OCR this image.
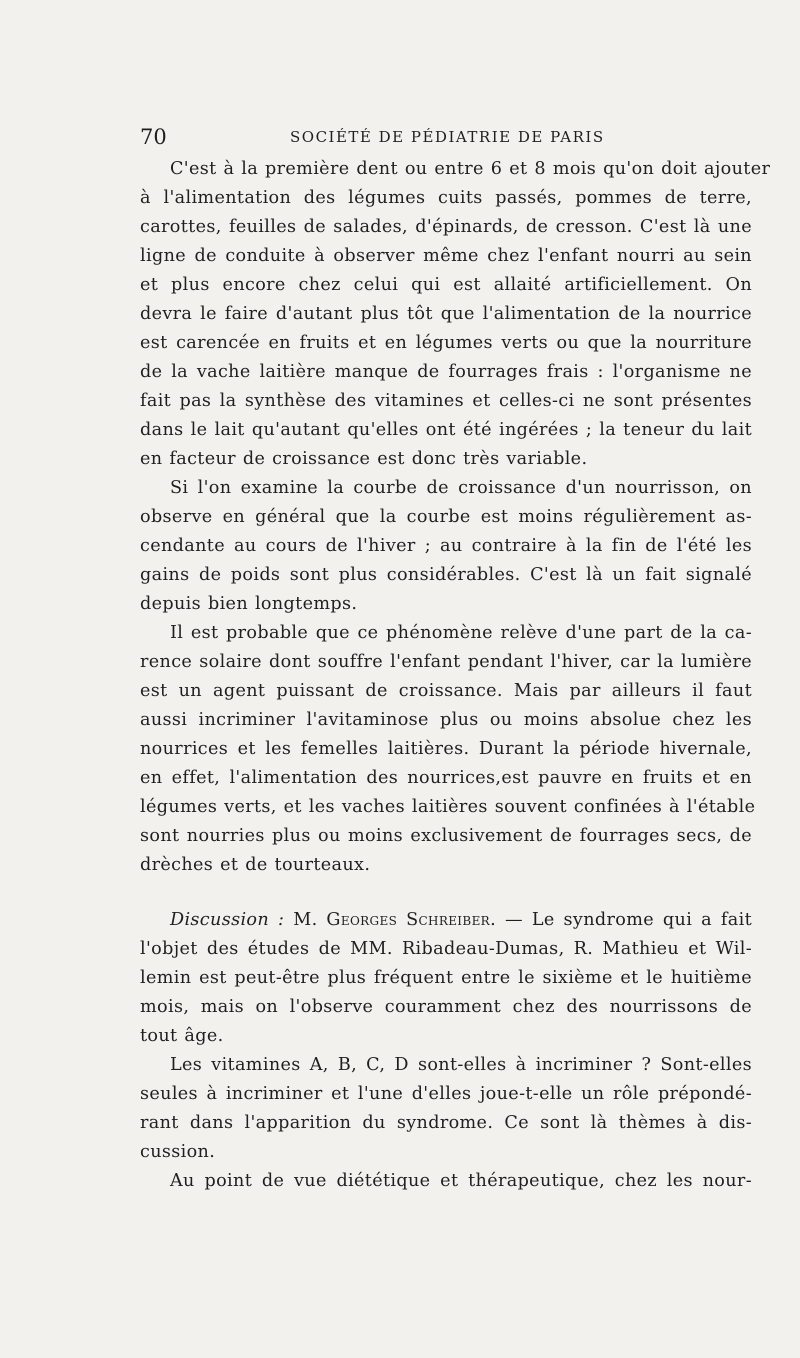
70	SOCIÉTÉ DE PÉDIATRIE DE PARIS
C'est à la première dent ou entre 6 et 8 mois qu'on doit ajouter
à l'alimentation des légumes cuits passés, pommes de terre,
carottes, feuilles de salades, d'épinards, de cresson. C'est là une
ligne de conduite à observer même chez l'enfant nourri au sein
et plus encore chez celui qui est allaité artificiellement. On
devra le faire d'autant plus tôt que l'alimentation de la nourrice
est carencée en fruits et en légumes verts ou que la nourriture
de la vache laitière manque de fourrages frais : l'organisme ne
fait pas la synthèse des vitamines et celles-ci ne sont présentes
dans le lait qu'autant qu'elles ont été ingérées ; la teneur du lait
en facteur de croissance est donc très variable.
Si l'on examine la courbe de croissance d'un nourrisson, on
observe en général que la courbe est moins régulièrement as-
cendante au cours de l'hiver ; au contraire à la fin de l'été les
gains de poids sont plus considérables. C'est là un fait signalé
depuis bien longtemps.
Il est probable que ce phénomène relève d'une part de la ca-
rence solaire dont souffre l'enfant pendant l'hiver, car la lumière
est un agent puissant de croissance. Mais par ailleurs il faut
aussi incriminer l'avitaminose plus ou moins absolue chez les
nourrices et les femelles laitières. Durant la période hivernale,
en effet, l'alimentation des nourrices,est pauvre en fruits et en
légumes verts, et les vaches laitières souvent confinées à l'étable
sont nourries plus ou moins exclusivement de fourrages secs, de
drèches et de tourteaux.
Discussion : M. Georges Schreiber. — Le syndrome qui a fait
l'objet des études de MM. Ribadeau-Dumas, R. Mathieu et Wil-
lemin est peut-être plus fréquent entre le sixième et le huitième
mois, mais on l'observe couramment chez des nourrissons de
tout âge.
Les vitamines A, B, C, D sont-elles à incriminer ? Sont-elles
seules à incriminer et l'une d'elles joue-t-elle un rôle prépondé-
rant dans l'apparition du syndrome. Ce sont là thèmes à dis-
cussion.
Au point de vue diététique et thérapeutique, chez les nour-
